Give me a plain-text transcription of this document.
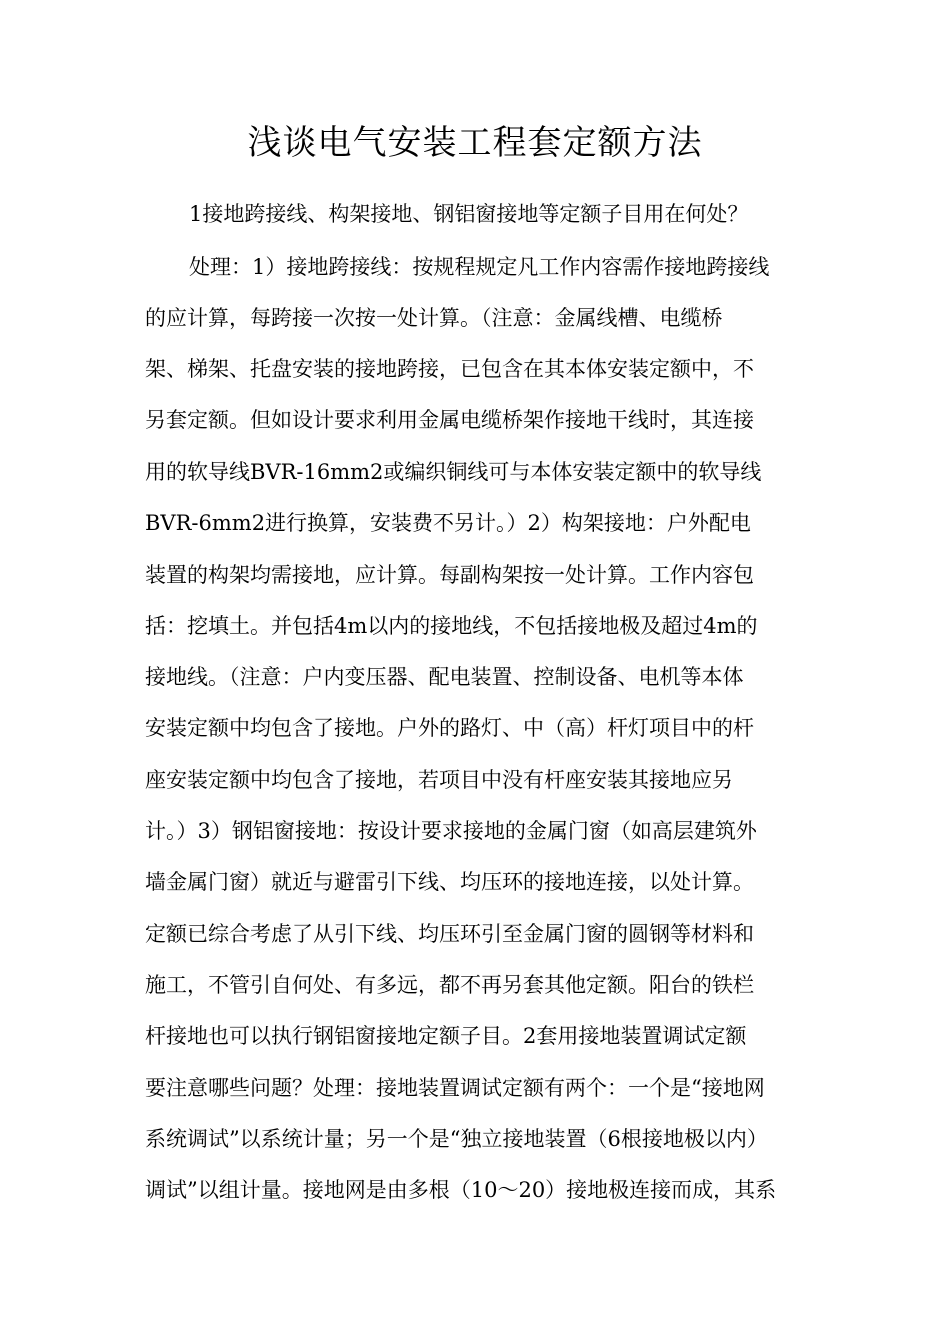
浅谈电气安装工程套定额方法
1接地跨接线、构架接地、钢铝窗接地等定额子目用在何处？
处理：1）接地跨接线：按规程规定凡工作内容需作接地跨接线
的应计算，每跨接一次按一处计算。（注意：金属线槽、电缆桥
架、梯架、托盘安装的接地跨接，已包含在其本体安装定额中，不
另套定额。但如设计要求利用金属电缆桥架作接地干线时，其连接
用的软导线BVR-16mm2或编织铜线可与本体安装定额中的软导线
BVR-6mm2进行换算，安装费不另计。）2）构架接地：户外配电
装置的构架均需接地，应计算。每副构架按一处计算。工作内容包
括：挖填土。并包括4m以内的接地线，不包括接地极及超过4m的
接地线。（注意：户内变压器、配电装置、控制设备、电机等本体
安装定额中均包含了接地。户外的路灯、中（高）杆灯项目中的杆
座安装定额中均包含了接地，若项目中没有杆座安装其接地应另
计。）3）钢铝窗接地：按设计要求接地的金属门窗（如高层建筑外
墙金属门窗）就近与避雷引下线、均压环的接地连接，以处计算。
定额已综合考虑了从引下线、均压环引至金属门窗的圆钢等材料和
施工，不管引自何处、有多远，都不再另套其他定额。阳台的铁栏
杆接地也可以执行钢铝窗接地定额子目。2套用接地装置调试定额
要注意哪些问题？处理：接地装置调试定额有两个：一个是“接地网
系统调试”以系统计量；另一个是“独立接地装置（6根接地极以内）
调试”以组计量。接地网是由多根（10～20）接地极连接而成，其系
